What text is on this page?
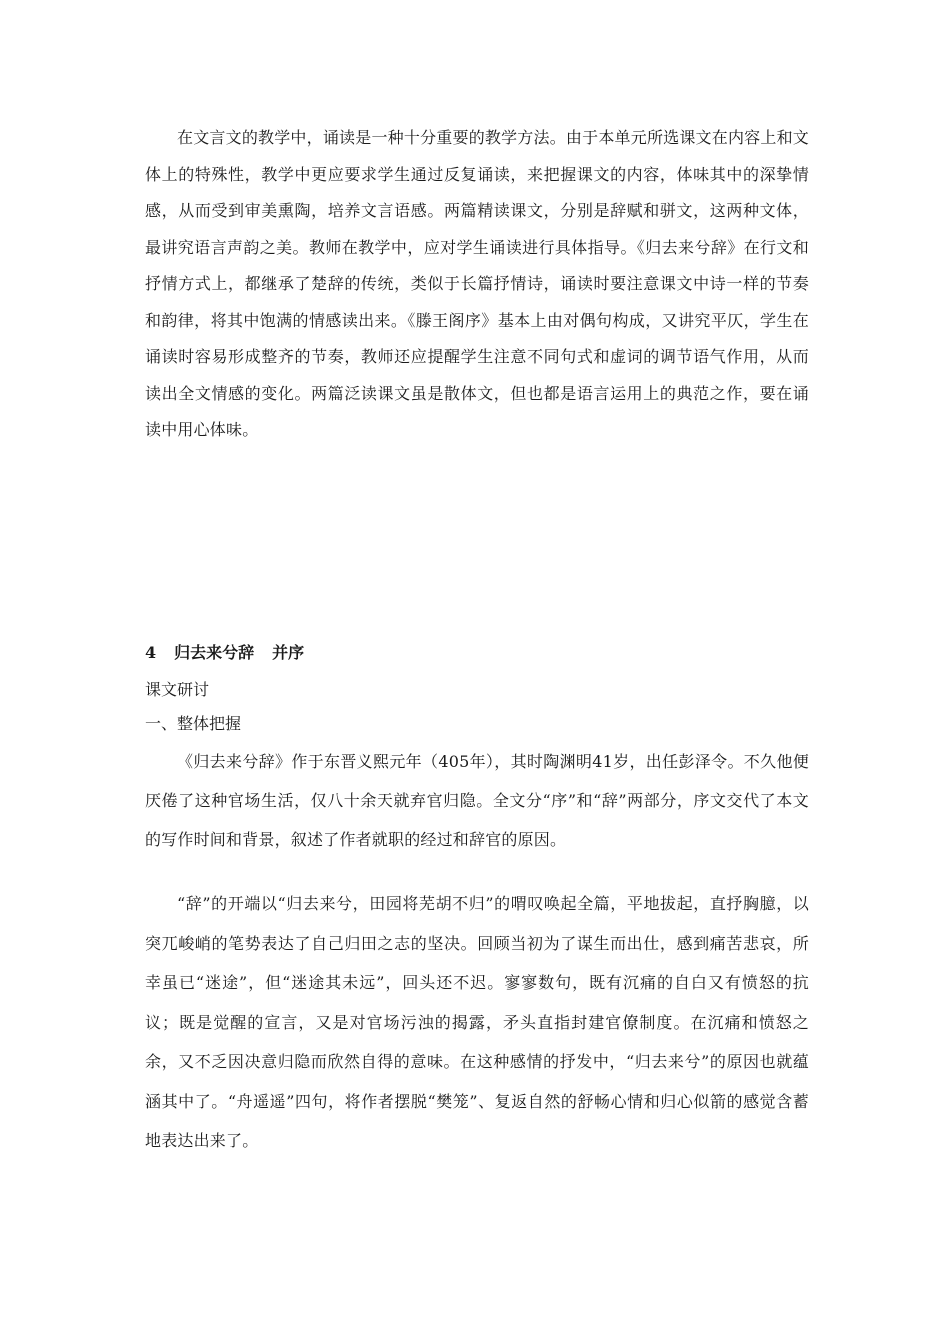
在文言文的教学中，诵读是一种十分重要的教学方法。由于本单元所选课文在内容上和文体上的特殊性，教学中更应要求学生通过反复诵读，来把握课文的内容，体味其中的深挚情感，从而受到审美熏陶，培养文言语感。两篇精读课文，分别是辞赋和骈文，这两种文体，最讲究语言声韵之美。教师在教学中，应对学生诵读进行具体指导。《归去来兮辞》在行文和抒情方式上，都继承了楚辞的传统，类似于长篇抒情诗，诵读时要注意课文中诗一样的节奏和韵律，将其中饱满的情感读出来。《滕王阁序》基本上由对偶句构成，又讲究平仄，学生在诵读时容易形成整齐的节奏，教师还应提醒学生注意不同句式和虚词的调节语气作用，从而读出全文情感的变化。两篇泛读课文虽是散体文，但也都是语言运用上的典范之作，要在诵读中用心体味。

4 归去来兮辞 并序
课文研讨
一、整体把握

《归去来兮辞》作于东晋义熙元年（405年），其时陶渊明41岁，出任彭泽令。不久他便厌倦了这种官场生活，仅八十余天就弃官归隐。全文分“序”和“辞”两部分，序文交代了本文的写作时间和背景，叙述了作者就职的经过和辞官的原因。

“辞”的开端以“归去来兮，田园将芜胡不归”的喟叹唤起全篇，平地拔起，直抒胸臆，以突兀峻峭的笔势表达了自己归田之志的坚决。回顾当初为了谋生而出仕，感到痛苦悲哀，所幸虽已“迷途”，但“迷途其未远”，回头还不迟。寥寥数句，既有沉痛的自白又有愤怒的抗议；既是觉醒的宣言，又是对官场污浊的揭露，矛头直指封建官僚制度。在沉痛和愤怒之余，又不乏因决意归隐而欣然自得的意味。在这种感情的抒发中，“归去来兮”的原因也就蕴涵其中了。“舟遥遥”四句，将作者摆脱“樊笼”、复返自然的舒畅心情和归心似箭的感觉含蓄地表达出来了。
